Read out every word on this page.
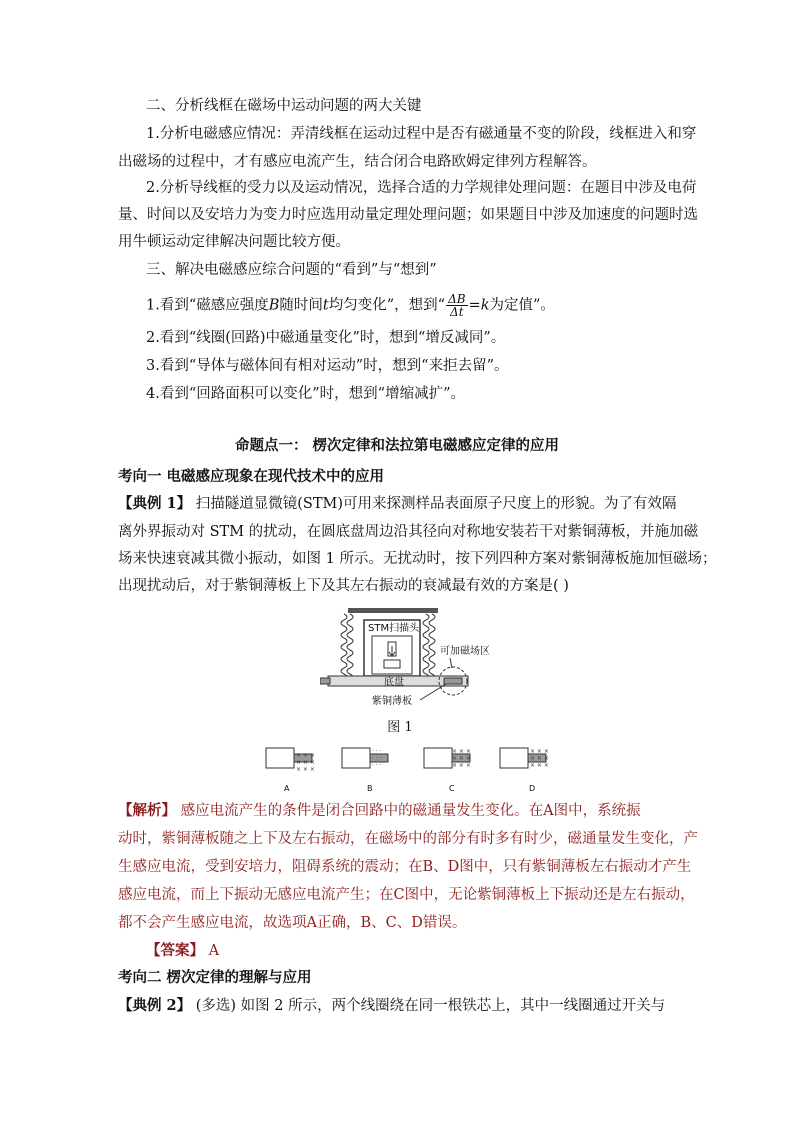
二、分析线框在磁场中运动问题的两大关键
1.分析电磁感应情况：弄清线框在运动过程中是否有磁通量不变的阶段，线框进入和穿
出磁场的过程中，才有感应电流产生，结合闭合电路欧姆定律列方程解答。
2.分析导线框的受力以及运动情况，选择合适的力学规律处理问题：在题目中涉及电荷
量、时间以及安培力为变力时应选用动量定理处理问题；如果题目中涉及加速度的问题时选
用牛顿运动定律解决问题比较方便。
三、解决电磁感应综合问题的“看到”与“想到”
1.看到“磁感应强度B随时间t均匀变化”，想到“ $\frac{\Delta B}{\Delta t} =k$为定值”。
2.看到“线圈(回路)中磁通量变化”时，想到“增反减同”。
3.看到“导体与磁体间有相对运动”时，想到“来拒去留”。
4.看到“回路面积可以变化”时，想到“增缩减扩”。
命题点一： 楞次定律和法拉第电磁感应定律的应用
考向一 电磁感应现象在现代技术中的应用
【典例 1】 扫描隧道显微镜(STM)可用来探测样品表面原子尺度上的形貌。为了有效隔
离外界振动对 STM 的扰动，在圆底盘周边沿其径向对称地安装若干对紫铜薄板，并施加磁
场来快速衰减其微小振动，如图 1 所示。无扰动时，按下列四种方案对紫铜薄板施加恒磁场；
出现扰动后，对于紫铜薄板上下及其左右振动的衰减最有效的方案是( )
STM扫描头
底盘
可加磁场区
紫铜薄板
图 1
× × ×
× × ×
× × ×
A
· · ·
· · ·
· · ·
B
× × ×
× × ×
× × ×
C
× × ×
× × ×
× × ×
D
【解析】 感应电流产生的条件是闭合回路中的磁通量发生变化。在A图中，系统振
动时，紫铜薄板随之上下及左右振动，在磁场中的部分有时多有时少，磁通量发生变化，产
生感应电流，受到安培力，阻碍系统的震动；在B、D图中，只有紫铜薄板左右振动才产生
感应电流，而上下振动无感应电流产生；在C图中，无论紫铜薄板上下振动还是左右振动，
都不会产生感应电流，故选项A正确，B、C、D错误。
【答案】 A
考向二 楞次定律的理解与应用
【典例 2】 (多选) 如图 2 所示，两个线圈绕在同一根铁芯上，其中一线圈通过开关与
